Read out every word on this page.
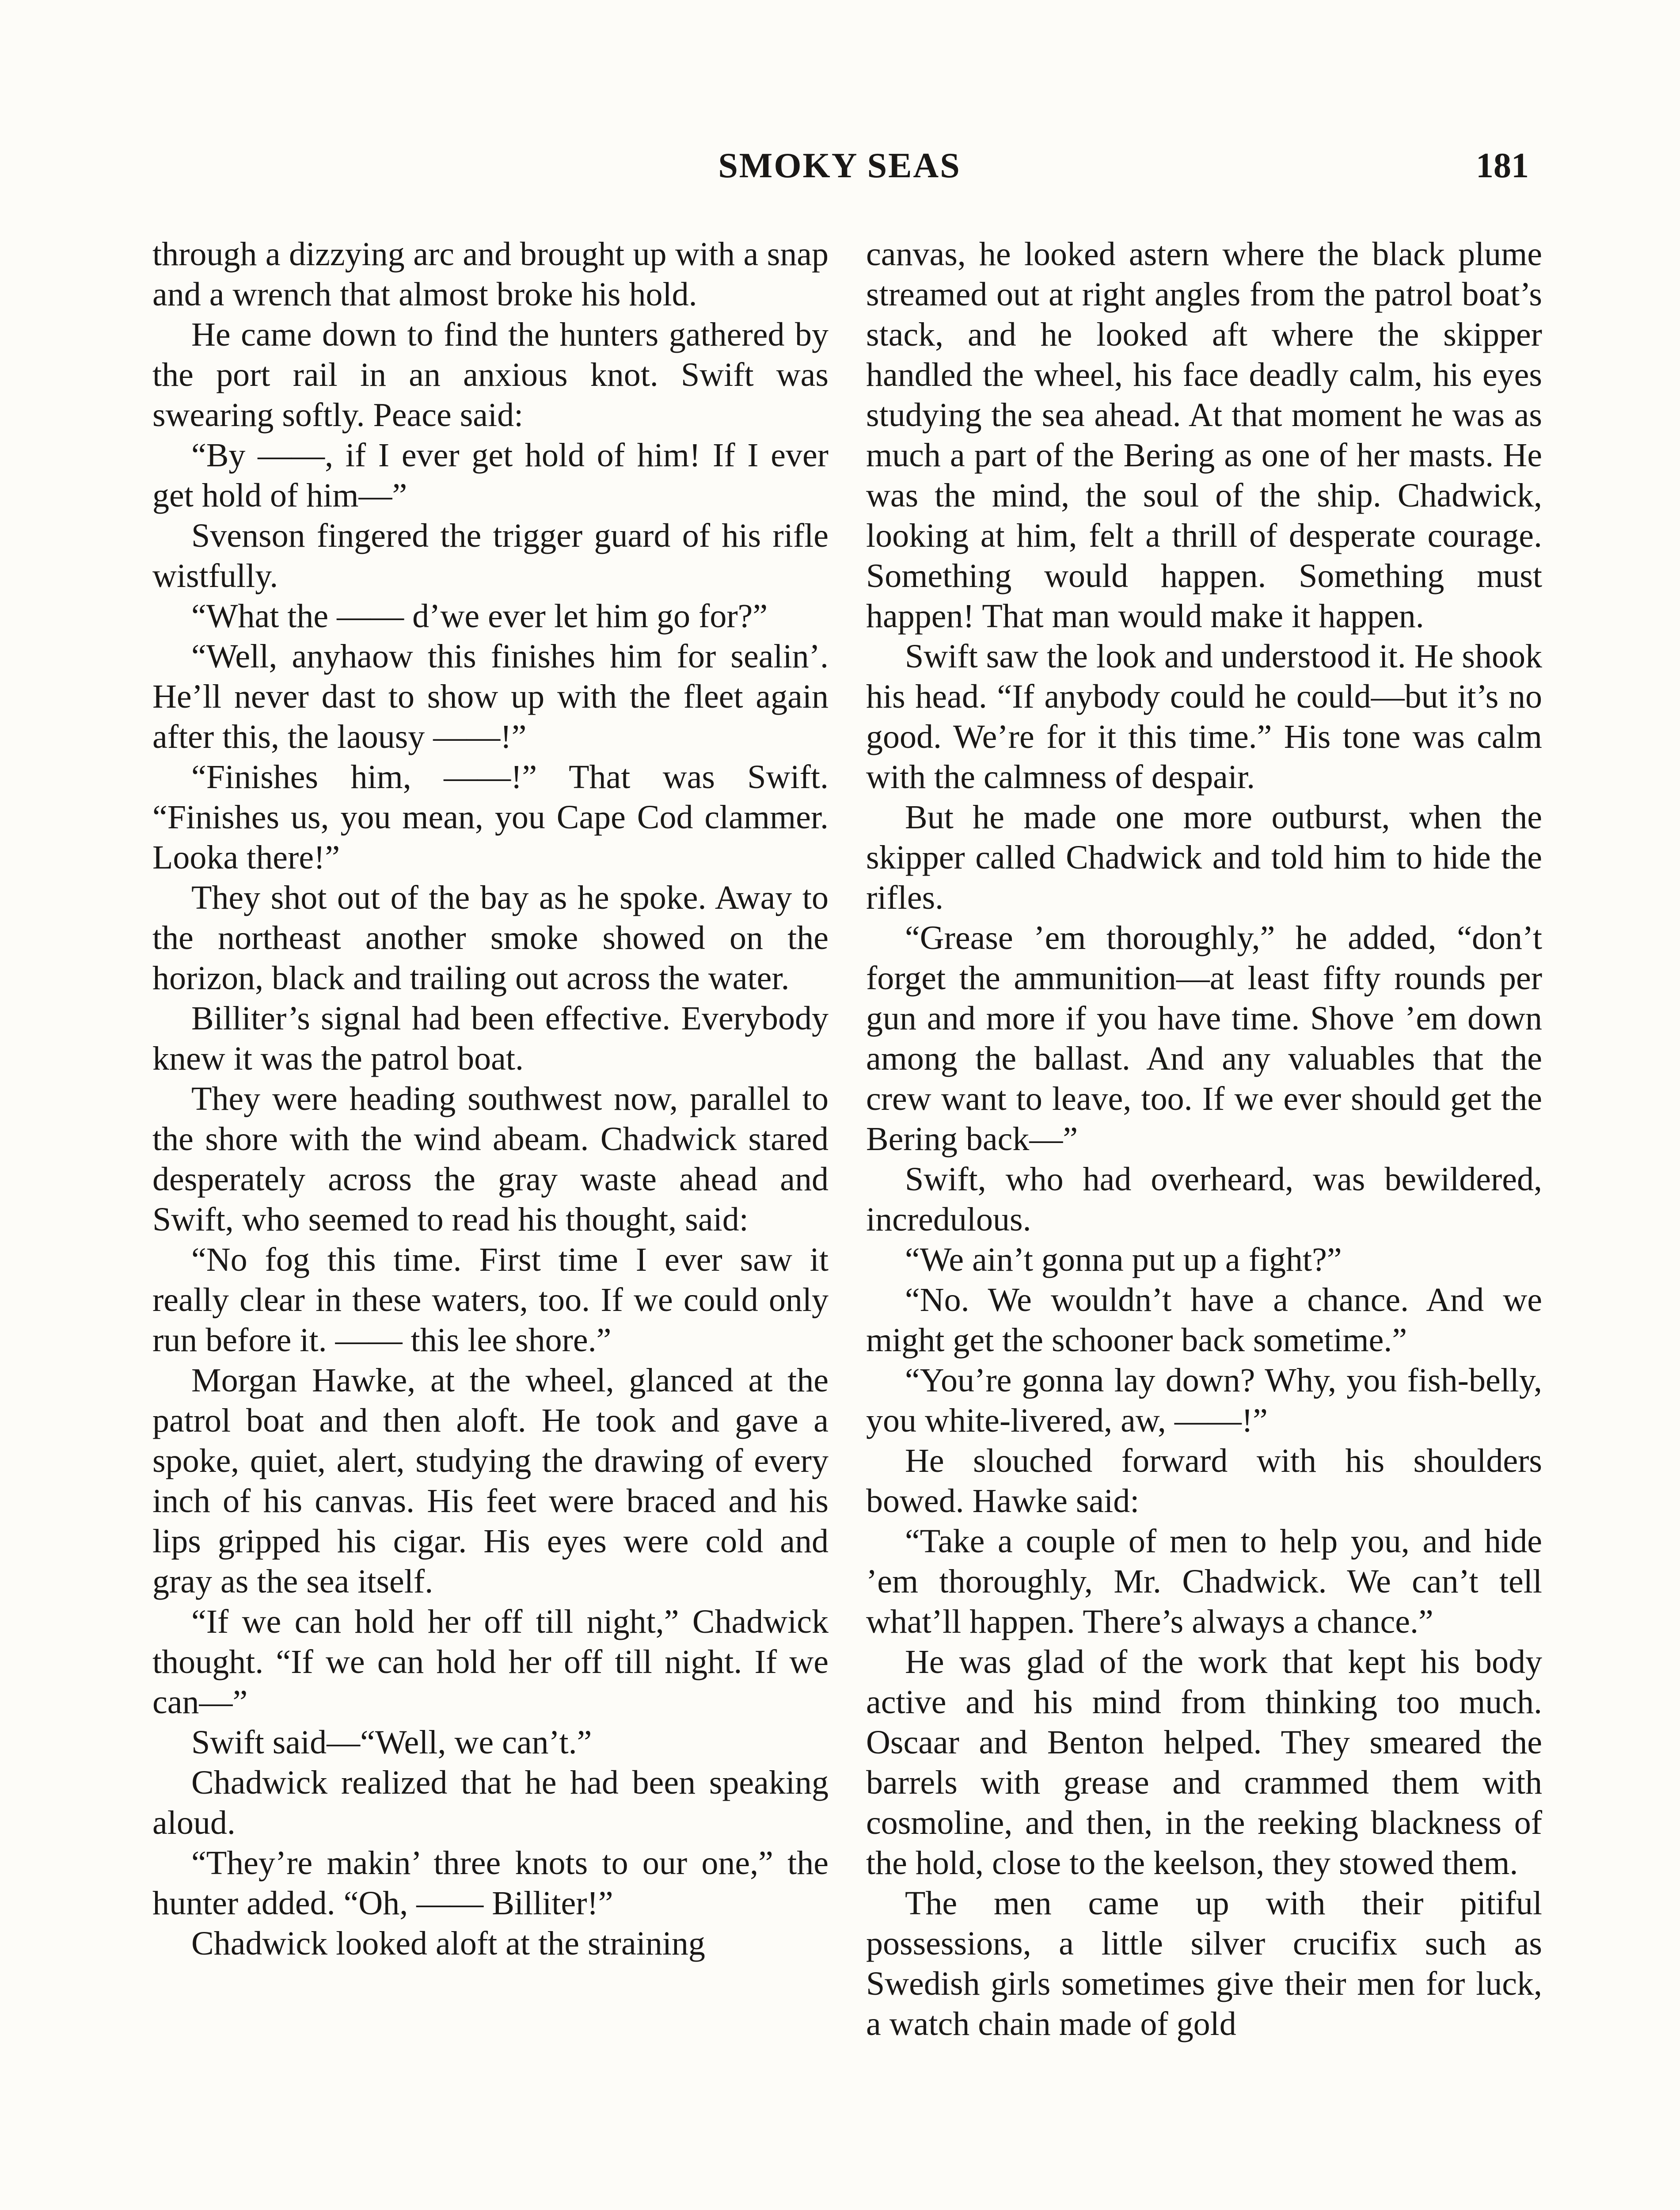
SMOKY SEAS	181

through a dizzying arc and brought up with a snap and a wrench that almost broke his hold.

He came down to find the hunters gathered by the port rail in an anxious knot. Swift was swearing softly. Peace said:

“By ——, if I ever get hold of him! If I ever get hold of him—”

Svenson fingered the trigger guard of his rifle wistfully.

“What the —— d’we ever let him go for?”

“Well, anyhaow this finishes him for sealin’. He’ll never dast to show up with the fleet again after this, the laousy ——!”

“Finishes him, ——!” That was Swift. “Finishes us, you mean, you Cape Cod clammer. Looka there!”

They shot out of the bay as he spoke. Away to the northeast another smoke showed on the horizon, black and trailing out across the water.

Billiter’s signal had been effective. Everybody knew it was the patrol boat.

They were heading southwest now, parallel to the shore with the wind abeam. Chadwick stared desperately across the gray waste ahead and Swift, who seemed to read his thought, said:

“No fog this time. First time I ever saw it really clear in these waters, too. If we could only run before it. —— this lee shore.”

Morgan Hawke, at the wheel, glanced at the patrol boat and then aloft. He took and gave a spoke, quiet, alert, studying the drawing of every inch of his canvas. His feet were braced and his lips gripped his cigar. His eyes were cold and gray as the sea itself.

“If we can hold her off till night,” Chadwick thought. “If we can hold her off till night. If we can—”

Swift said—“Well, we can’t.”

Chadwick realized that he had been speaking aloud.

“They’re makin’ three knots to our one,” the hunter added. “Oh, —— Billiter!”

Chadwick looked aloft at the straining

canvas, he looked astern where the black plume streamed out at right angles from the patrol boat’s stack, and he looked aft where the skipper handled the wheel, his face deadly calm, his eyes studying the sea ahead. At that moment he was as much a part of the Bering as one of her masts. He was the mind, the soul of the ship. Chadwick, looking at him, felt a thrill of desperate courage. Something would happen. Something must happen! That man would make it happen.

Swift saw the look and understood it. He shook his head. “If anybody could he could—but it’s no good. We’re for it this time.” His tone was calm with the calmness of despair.

But he made one more outburst, when the skipper called Chadwick and told him to hide the rifles.

“Grease ’em thoroughly,” he added, “don’t forget the ammunition—at least fifty rounds per gun and more if you have time. Shove ’em down among the ballast. And any valuables that the crew want to leave, too. If we ever should get the Bering back—”

Swift, who had overheard, was bewildered, incredulous.

“We ain’t gonna put up a fight?”

“No. We wouldn’t have a chance. And we might get the schooner back sometime.”

“You’re gonna lay down? Why, you fish-belly, you white-livered, aw, ——!”

He slouched forward with his shoulders bowed. Hawke said:

“Take a couple of men to help you, and hide ’em thoroughly, Mr. Chadwick. We can’t tell what’ll happen. There’s always a chance.”

He was glad of the work that kept his body active and his mind from thinking too much. Oscaar and Benton helped. They smeared the barrels with grease and crammed them with cosmoline, and then, in the reeking blackness of the hold, close to the keelson, they stowed them.

The men came up with their pitiful possessions, a little silver crucifix such as Swedish girls sometimes give their men for luck, a watch chain made of gold
